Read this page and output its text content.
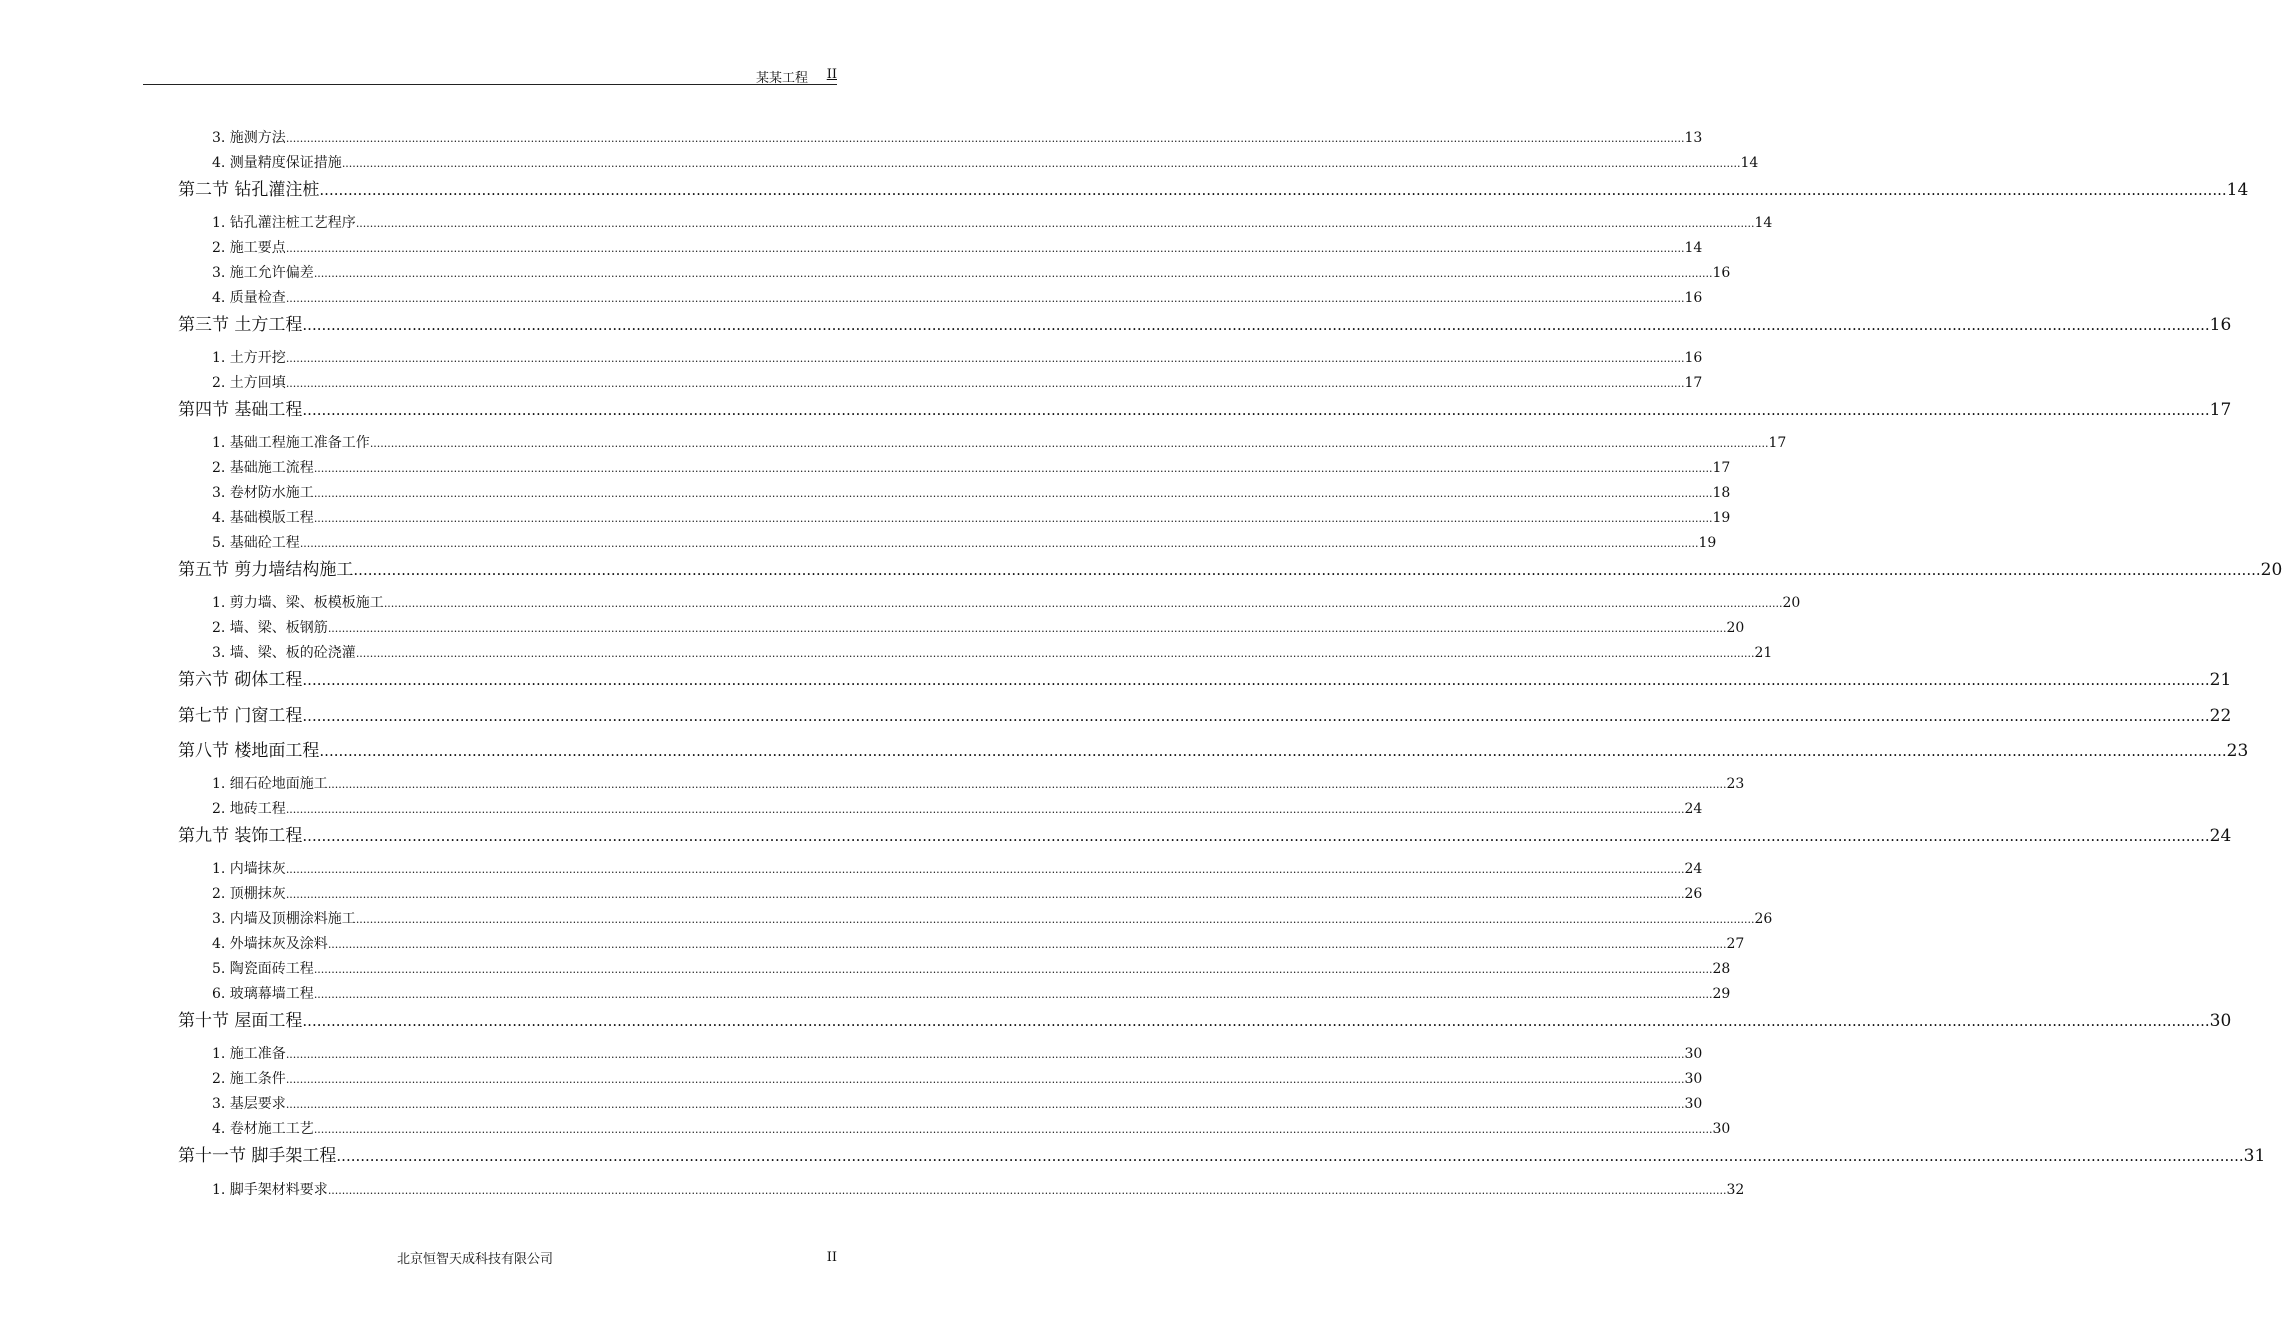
某某工程 II
3. 施测方法 ................................................................................................................................................................................................................................................................................................................................................................................................................ 13
4. 测量精度保证措施 ................................................................................................................................................................................................................................................................................................................................................................................................................ 14
第二节 钻孔灌注桩 ................................................................................................................................................................................................................................................................................................................................................................................................................ 14
1. 钻孔灌注桩工艺程序 ................................................................................................................................................................................................................................................................................................................................................................................................................ 14
2. 施工要点 ................................................................................................................................................................................................................................................................................................................................................................................................................ 14
3. 施工允许偏差 ................................................................................................................................................................................................................................................................................................................................................................................................................ 16
4. 质量检查 ................................................................................................................................................................................................................................................................................................................................................................................................................ 16
第三节 土方工程 ................................................................................................................................................................................................................................................................................................................................................................................................................ 16
1. 土方开挖 ................................................................................................................................................................................................................................................................................................................................................................................................................ 16
2. 土方回填 ................................................................................................................................................................................................................................................................................................................................................................................................................ 17
第四节 基础工程 ................................................................................................................................................................................................................................................................................................................................................................................................................ 17
1. 基础工程施工准备工作 ................................................................................................................................................................................................................................................................................................................................................................................................................ 17
2. 基础施工流程 ................................................................................................................................................................................................................................................................................................................................................................................................................ 17
3. 卷材防水施工 ................................................................................................................................................................................................................................................................................................................................................................................................................ 18
4. 基础模版工程 ................................................................................................................................................................................................................................................................................................................................................................................................................ 19
5. 基础砼工程 ................................................................................................................................................................................................................................................................................................................................................................................................................ 19
第五节 剪力墙结构施工 ................................................................................................................................................................................................................................................................................................................................................................................................................ 20
1. 剪力墙、梁、板模板施工 ................................................................................................................................................................................................................................................................................................................................................................................................................ 20
2. 墙、梁、板钢筋 ................................................................................................................................................................................................................................................................................................................................................................................................................ 20
3. 墙、梁、板的砼浇灌 ................................................................................................................................................................................................................................................................................................................................................................................................................ 21
第六节 砌体工程 ................................................................................................................................................................................................................................................................................................................................................................................................................ 21
第七节 门窗工程 ................................................................................................................................................................................................................................................................................................................................................................................................................ 22
第八节 楼地面工程 ................................................................................................................................................................................................................................................................................................................................................................................................................ 23
1. 细石砼地面施工 ................................................................................................................................................................................................................................................................................................................................................................................................................ 23
2. 地砖工程 ................................................................................................................................................................................................................................................................................................................................................................................................................ 24
第九节 装饰工程 ................................................................................................................................................................................................................................................................................................................................................................................................................ 24
1. 内墙抹灰 ................................................................................................................................................................................................................................................................................................................................................................................................................ 24
2. 顶棚抹灰 ................................................................................................................................................................................................................................................................................................................................................................................................................ 26
3. 内墙及顶棚涂料施工 ................................................................................................................................................................................................................................................................................................................................................................................................................ 26
4. 外墙抹灰及涂料 ................................................................................................................................................................................................................................................................................................................................................................................................................ 27
5. 陶瓷面砖工程 ................................................................................................................................................................................................................................................................................................................................................................................................................ 28
6. 玻璃幕墙工程 ................................................................................................................................................................................................................................................................................................................................................................................................................ 29
第十节 屋面工程 ................................................................................................................................................................................................................................................................................................................................................................................................................ 30
1. 施工准备 ................................................................................................................................................................................................................................................................................................................................................................................................................ 30
2. 施工条件 ................................................................................................................................................................................................................................................................................................................................................................................................................ 30
3. 基层要求 ................................................................................................................................................................................................................................................................................................................................................................................................................ 30
4. 卷材施工工艺 ................................................................................................................................................................................................................................................................................................................................................................................................................ 30
第十一节 脚手架工程 ................................................................................................................................................................................................................................................................................................................................................................................................................ 31
1. 脚手架材料要求 ................................................................................................................................................................................................................................................................................................................................................................................................................ 32
北京恒智天成科技有限公司	II
